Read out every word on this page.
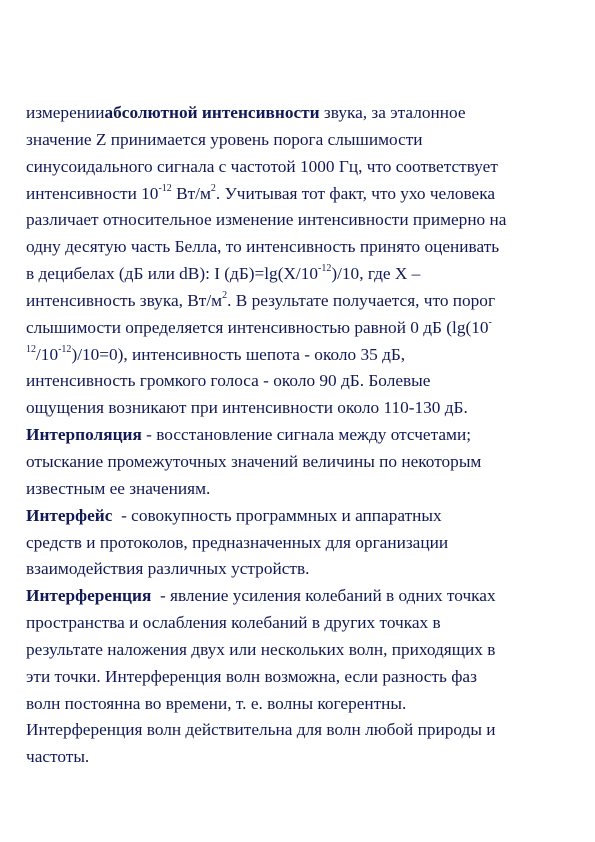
измеренииабсолютной интенсивности звука, за эталонное
значение Z принимается уровень порога слышимости
синусоидального сигнала с частотой 1000 Гц, что соответствует
интенсивности $10^{-12}$ $Вт/м^2$. Учитывая тот факт, что ухо человека
различает относительное изменение интенсивности примерно на
одну десятую часть Белла, то интенсивность принято оценивать
в децибелах (дБ или dB): I $(дБ)=\lg(X/10^{-12})/10$, где X –
интенсивность звука, $Вт/м^2$. В результате получается, что порог
слышимости определяется интенсивностью равной 0 дБ (lg(10-
$^{12}/10^{-12})/10=0$), интенсивность шепота - около 35 дБ,
интенсивность громкого голоса - около 90 дБ. Болевые
ощущения возникают при интенсивности около 110-130 дБ.
Интерполяция - восстановление сигнала между отсчетами;
отыскание промежуточных значений величины по некоторым
известным ее значениям.
Интерфейс  - совокупность программных и аппаратных
средств и протоколов, предназначенных для организации
взаимодействия различных устройств.
Интерференция  - явление усиления колебаний в одних точках
пространства и ослабления колебаний в других точках в
результате наложения двух или нескольких волн, приходящих в
эти точки. Интерференция волн возможна, если разность фаз
волн постоянна во времени, т. е. волны когерентны.
Интерференция волн действительна для волн любой природы и
частоты.
